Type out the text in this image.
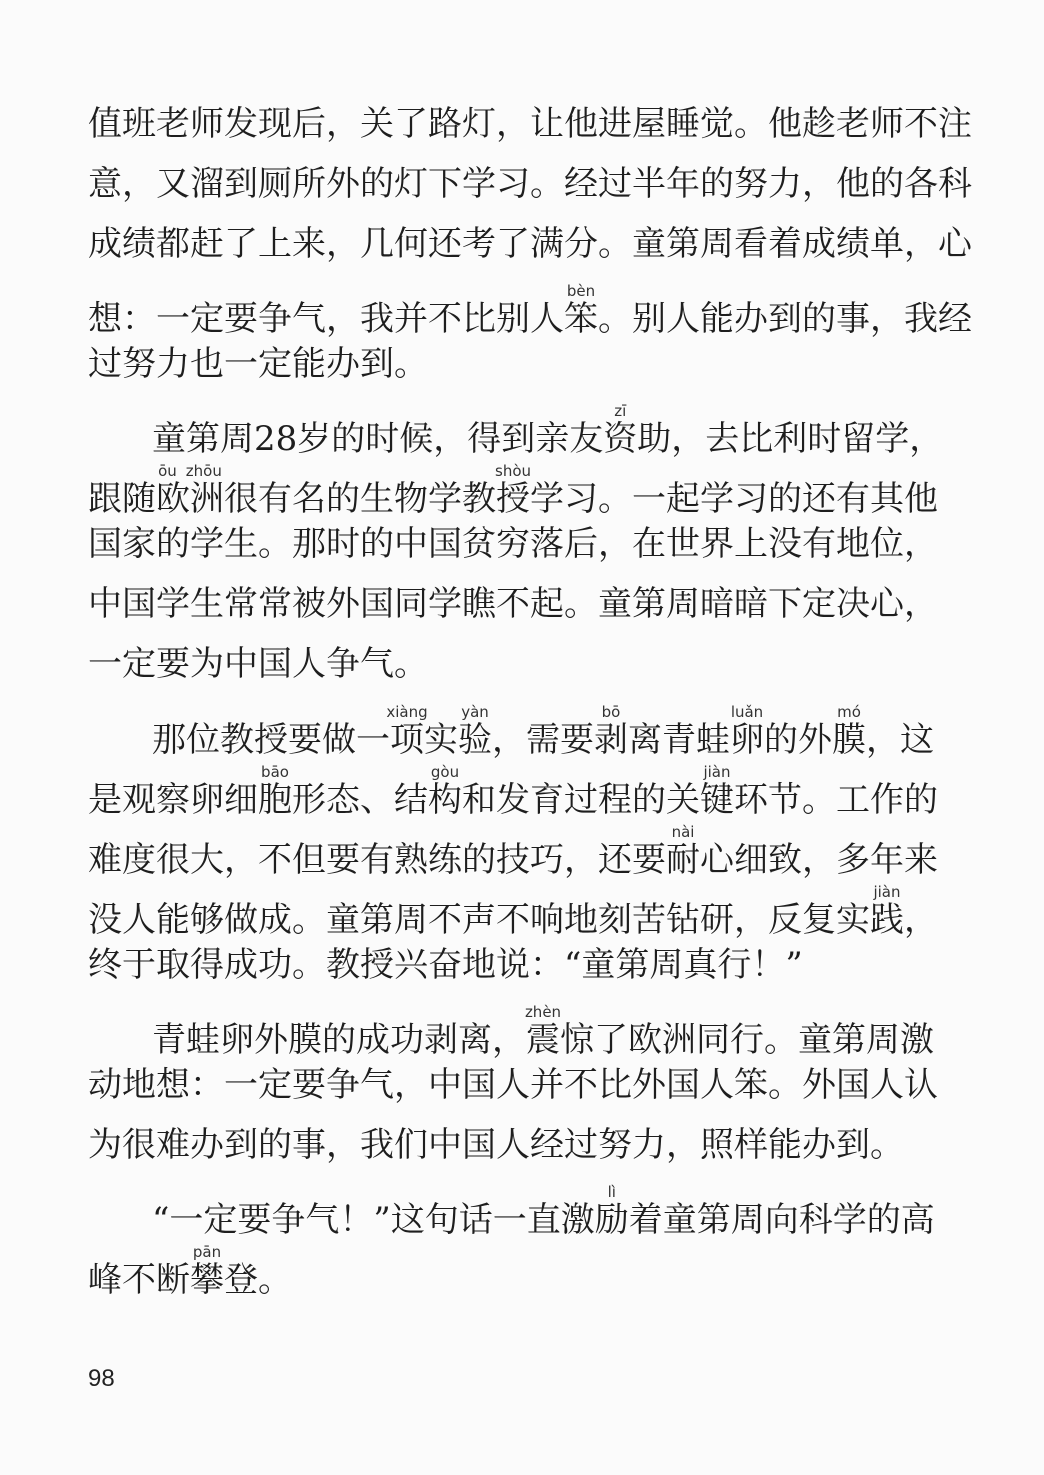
值班老师发现后，关了路灯，让他进屋睡觉。他趁老师不注
意，又溜到厕所外的灯下学习。经过半年的努力，他的各科
成绩都赶了上来，几何还考了满分。童第周看着成绩单，心
想：一定要争气，我并不比别人笨bèn。别人能办到的事，我经
过努力也一定能办到。
童第周28岁的时候，得到亲友资zī助，去比利时留学，
跟随欧洲ōu zhōu很有名的生物学教授shòu学习。一起学习的还有其他
国家的学生。那时的中国贫穷落后，在世界上没有地位，
中国学生常常被外国同学瞧不起。童第周暗暗下定决心，
一定要为中国人争气。
那位教授要做一项xiàng实验yàn，需要剥bō离青蛙卵luǎn的外膜mó，这
是观察卵细胞bāo形态、结构gòu和发育过程的关键jiàn环节。工作的
难度很大，不但要有熟练的技巧，还要耐nài心细致，多年来
没人能够做成。童第周不声不响地刻苦钻研，反复实践jiàn，
终于取得成功。教授兴奋地说：“童第周真行！”
青蛙卵外膜的成功剥离，震zhèn惊了欧洲同行。童第周激
动地想：一定要争气，中国人并不比外国人笨。外国人认
为很难办到的事，我们中国人经过努力，照样能办到。
“一定要争气！”这句话一直激励lì着童第周向科学的高
峰不断攀pān登。
98
